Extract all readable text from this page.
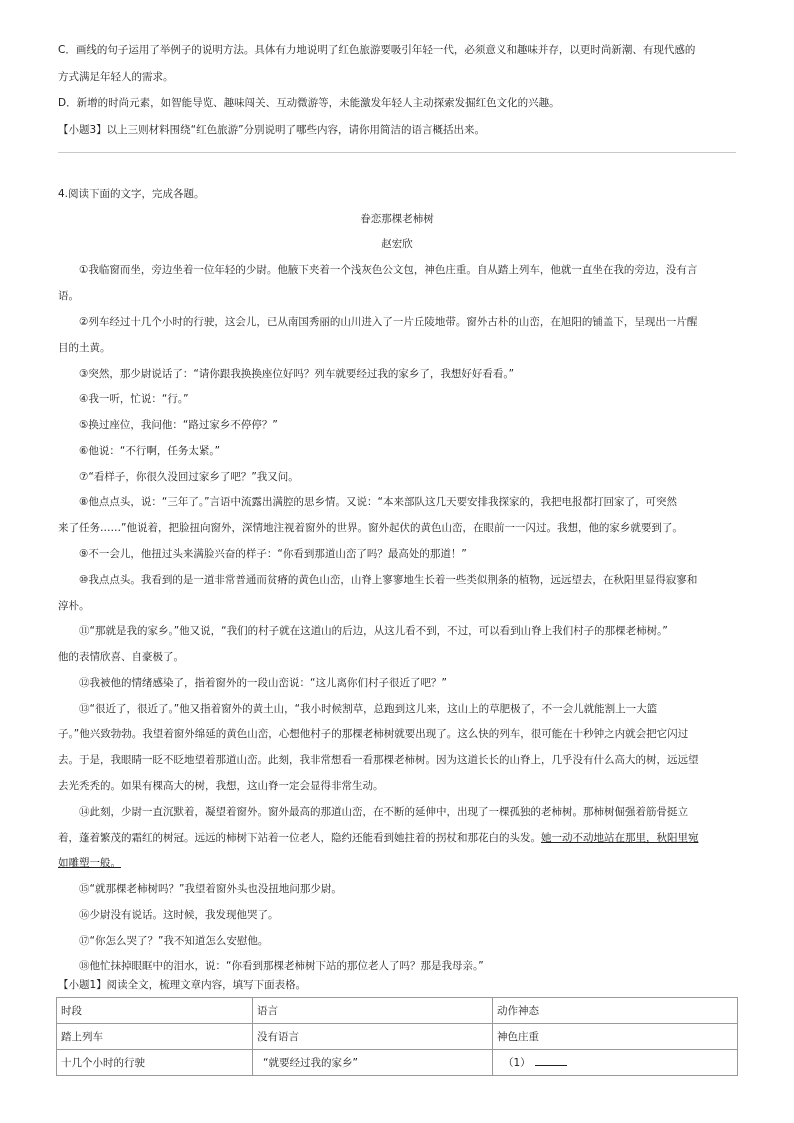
C．画线的句子运用了举例子的说明方法。具体有力地说明了红色旅游要吸引年轻一代，必须意义和趣味并存，以更时尚新潮、有现代感的

方式满足年轻人的需求。

D．新增的时尚元素，如智能导览、趣味闯关、互动微游等，未能激发年轻人主动探索发掘红色文化的兴趣。

【小题3】以上三则材料围绕“红色旅游”分别说明了哪些内容，请你用简洁的语言概括出来。

4.阅读下面的文字，完成各题。

眷恋那棵老柿树

赵宏欣

①我临窗而坐，旁边坐着一位年轻的少尉。他腋下夹着一个浅灰色公文包，神色庄重。自从踏上列车，他就一直坐在我的旁边，没有言

语。

②列车经过十几个小时的行驶，这会儿，已从南国秀丽的山川进入了一片丘陵地带。窗外古朴的山峦，在旭阳的铺盖下，呈现出一片醒

目的土黄。

③突然，那少尉说话了：“请你跟我换换座位好吗？列车就要经过我的家乡了，我想好好看看。”

④我一听，忙说：“行。”

⑤换过座位，我问他：“路过家乡不停停？”

⑥他说：“不行啊，任务太紧。”

⑦“看样子，你很久没回过家乡了吧？”我又问。

⑧他点点头，说：“三年了。”言语中流露出满腔的思乡情。又说：“本来部队这几天要安排我探家的，我把电报都打回家了，可突然

来了任务……”他说着，把脸扭向窗外，深情地注视着窗外的世界。窗外起伏的黄色山峦，在眼前一一闪过。我想，他的家乡就要到了。

⑨不一会儿，他扭过头来满脸兴奋的样子：“你看到那道山峦了吗？最高处的那道！”

⑩我点点头。我看到的是一道非常普通而贫瘠的黄色山峦，山脊上寥寥地生长着一些类似荆条的植物，远远望去，在秋阳里显得寂寥和

淳朴。

⑪“那就是我的家乡。”他又说，“我们的村子就在这道山的后边，从这儿看不到，不过，可以看到山脊上我们村子的那棵老柿树。”

他的表情欣喜、自豪极了。

⑫我被他的情绪感染了，指着窗外的一段山峦说：“这儿离你们村子很近了吧？”

⑬“很近了，很近了。”他又指着窗外的黄土山，“我小时候割草，总跑到这儿来，这山上的草肥极了，不一会儿就能割上一大篮

子。”他兴致勃勃。我望着窗外绵延的黄色山峦，心想他村子的那棵老柿树就要出现了。这么快的列车，很可能在十秒钟之内就会把它闪过

去。于是，我眼睛一眨不眨地望着那道山峦。此刻，我非常想看一看那棵老柿树。因为这道长长的山脊上，几乎没有什么高大的树，远远望

去光秃秃的。如果有棵高大的树，我想，这山脊一定会显得非常生动。

⑭此刻，少尉一直沉默着，凝望着窗外。窗外最高的那道山峦，在不断的延伸中，出现了一棵孤独的老柿树。那柿树倔强着筋骨挺立

着，蓬着繁茂的霜红的树冠。远远的柿树下站着一位老人，隐约还能看到她拄着的拐杖和那花白的头发。她一动不动地站在那里，秋阳里宛

如雕塑一般。

⑮“就那棵老柿树吗？”我望着窗外头也没扭地问那少尉。

⑯少尉没有说话。这时候，我发现他哭了。

⑰“你怎么哭了？”我不知道怎么安慰他。

⑱他忙抹掉眼眶中的泪水，说：“你看到那棵老柿树下站的那位老人了吗？那是我母亲。”

【小题1】阅读全文，梳理文章内容，填写下面表格。

时段	语言	动作神态
踏上列车	没有语言	神色庄重
十几个小时的行驶	“就要经过我的家乡”	（1）
